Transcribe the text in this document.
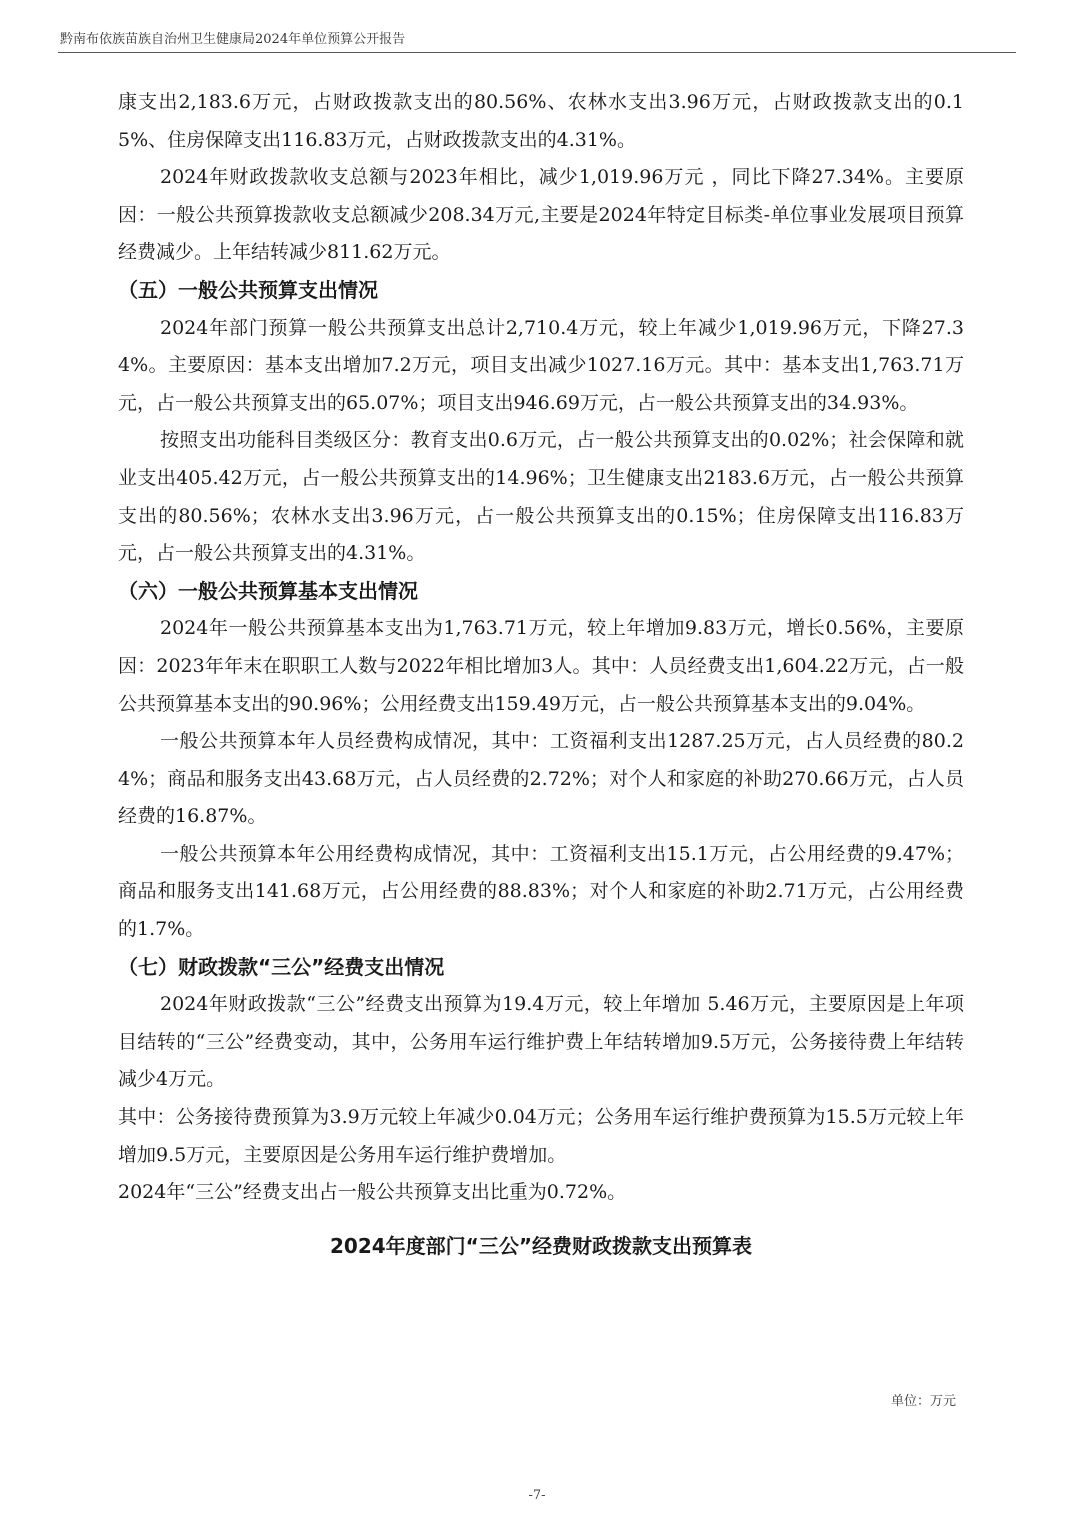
黔南布依族苗族自治州卫生健康局2024年单位预算公开报告

康支出2,183.6万元，占财政拨款支出的80.56%、农林水支出3.96万元，占财政拨款支出的0.15%、住房保障支出116.83万元，占财政拨款支出的4.31%。

2024年财政拨款收支总额与2023年相比，减少1,019.96万元 ，同比下降27.34%。主要原因：一般公共预算拨款收支总额减少208.34万元,主要是2024年特定目标类-单位事业发展项目预算经费减少。上年结转减少811.62万元。

（五）一般公共预算支出情况

2024年部门预算一般公共预算支出总计2,710.4万元，较上年减少1,019.96万元，下降27.34%。主要原因：基本支出增加7.2万元，项目支出减少1027.16万元。其中：基本支出1,763.71万元，占一般公共预算支出的65.07%；项目支出946.69万元，占一般公共预算支出的34.93%。

按照支出功能科目类级区分：教育支出0.6万元，占一般公共预算支出的0.02%；社会保障和就业支出405.42万元，占一般公共预算支出的14.96%；卫生健康支出2183.6万元，占一般公共预算支出的80.56%；农林水支出3.96万元，占一般公共预算支出的0.15%；住房保障支出116.83万元，占一般公共预算支出的4.31%。

（六）一般公共预算基本支出情况

2024年一般公共预算基本支出为1,763.71万元，较上年增加9.83万元，增长0.56%，主要原因：2023年年末在职职工人数与2022年相比增加3人。其中：人员经费支出1,604.22万元，占一般公共预算基本支出的90.96%；公用经费支出159.49万元，占一般公共预算基本支出的9.04%。

一般公共预算本年人员经费构成情况，其中：工资福利支出1287.25万元，占人员经费的80.24%；商品和服务支出43.68万元，占人员经费的2.72%；对个人和家庭的补助270.66万元，占人员经费的16.87%。

一般公共预算本年公用经费构成情况，其中：工资福利支出15.1万元，占公用经费的9.47%；商品和服务支出141.68万元，占公用经费的88.83%；对个人和家庭的补助2.71万元，占公用经费的1.7%。

（七）财政拨款“三公”经费支出情况

2024年财政拨款“三公”经费支出预算为19.4万元，较上年增加 5.46万元，主要原因是上年项目结转的“三公”经费变动，其中，公务用车运行维护费上年结转增加9.5万元，公务接待费上年结转减少4万元。

其中：公务接待费预算为3.9万元较上年减少0.04万元；公务用车运行维护费预算为15.5万元较上年增加9.5万元，主要原因是公务用车运行维护费增加。

2024年“三公”经费支出占一般公共预算支出比重为0.72%。

2024年度部门“三公”经费财政拨款支出预算表

单位：万元
-7-
